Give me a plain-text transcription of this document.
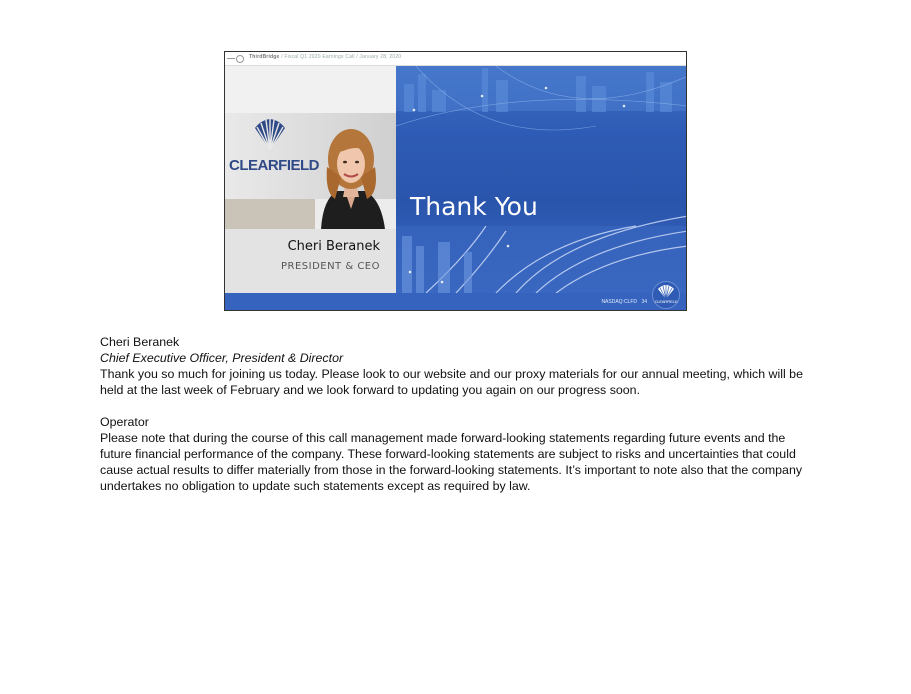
ThirdBridge / Fiscal Q1 2020 Earnings Call / January 28, 2020
CLEARFIELD
Cheri Beranek
PRESIDENT & CEO
Thank You
NASDAQ:CLFD 34	CLEARFIELD
Cheri Beranek
Chief Executive Officer, President & Director
Thank you so much for joining us today. Please look to our website and our proxy materials for our annual meeting, which will be held at the last week of February and we look forward to updating you again on our progress soon.
Operator
Please note that during the course of this call management made forward-looking statements regarding future events and the future financial performance of the company. These forward-looking statements are subject to risks and uncertainties that could cause actual results to differ materially from those in the forward-looking statements. It’s important to note also that the company undertakes no obligation to update such statements except as required by law.
